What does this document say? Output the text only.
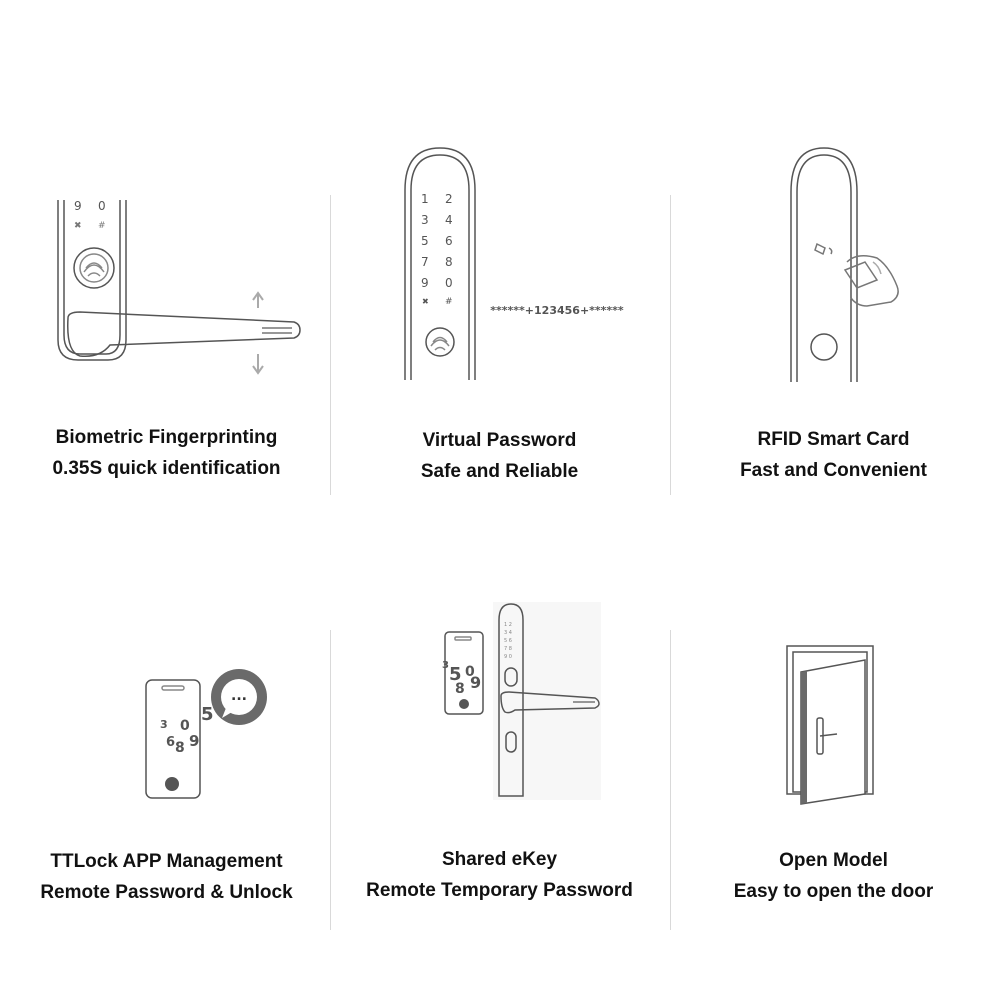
9 0
✖ #
Biometric Fingerprinting
0.35S quick identification
1 2
3 4
5 6
7 8
9 0
✖ #
******+123456+******
Virtual Password
Safe and Reliable
RFID Smart Card
Fast and Convenient
...
3 0
6 8 9
5
TTLock APP Management
Remote Password & Unlock
1 2
3 4
5 6
7 8
9 0
3 5 0
8 9
Shared eKey
Remote Temporary Password
Open Model
Easy to open the door
